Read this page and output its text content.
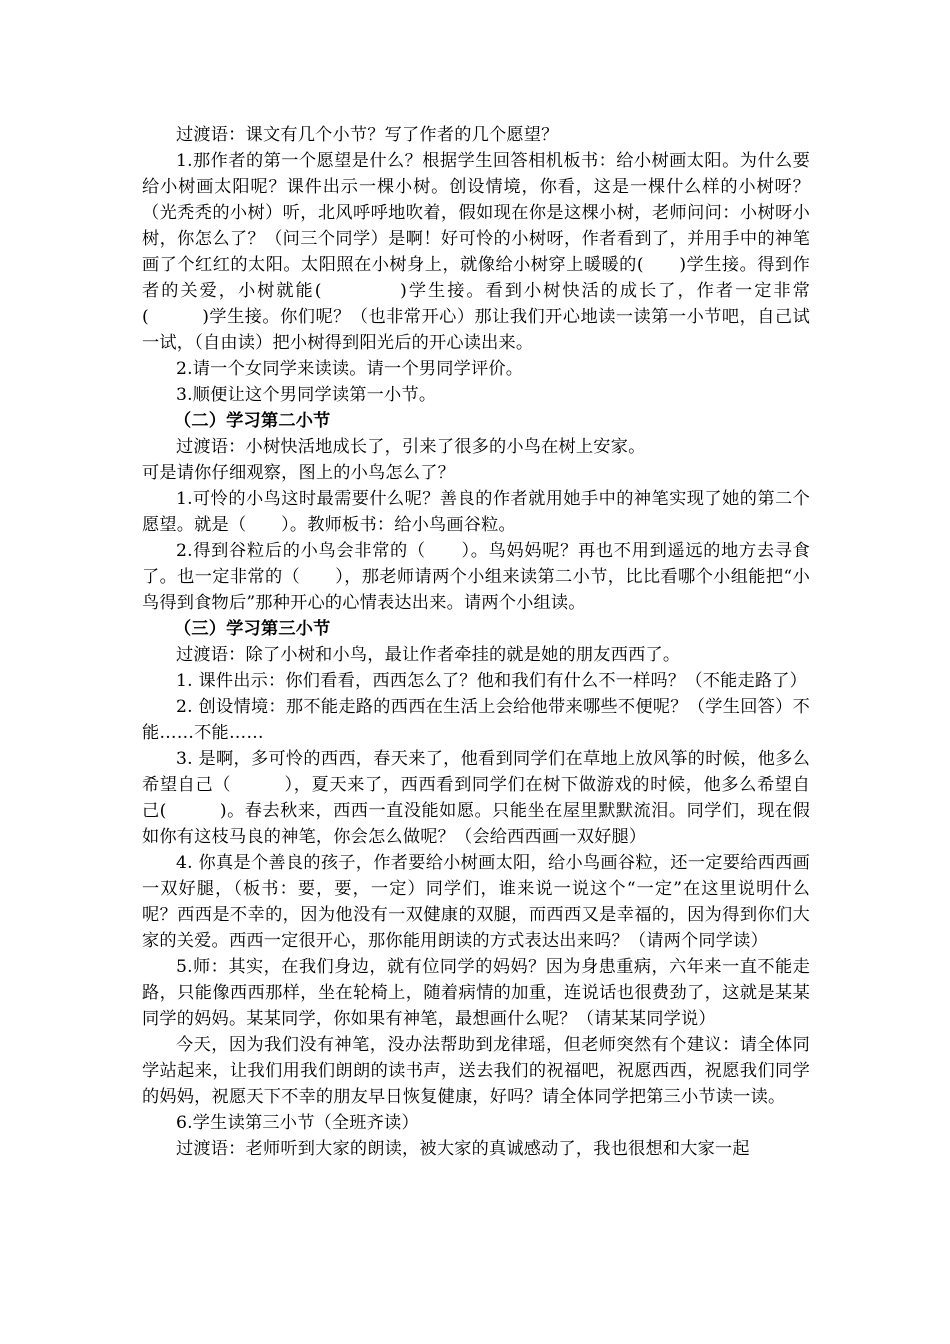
过渡语：课文有几个小节？写了作者的几个愿望？

1.那作者的第一个愿望是什么？根据学生回答相机板书：给小树画太阳。为什么要给小树画太阳呢？课件出示一棵小树。创设情境，你看，这是一棵什么样的小树呀？（光秃秃的小树）听，北风呼呼地吹着，假如现在你是这棵小树，老师问问：小树呀小树，你怎么了？（问三个同学）是啊！好可怜的小树呀，作者看到了，并用手中的神笔画了个红红的太阳。太阳照在小树身上，就像给小树穿上暖暖的(　　)学生接。得到作者的关爱，小树就能(　　　　)学生接。看到小树快活的成长了，作者一定非常(　　　)学生接。你们呢？（也非常开心）那让我们开心地读一读第一小节吧，自己试一试，（自由读）把小树得到阳光后的开心读出来。

2.请一个女同学来读读。请一个男同学评价。

3.顺便让这个男同学读第一小节。

（二）学习第二小节

过渡语：小树快活地成长了，引来了很多的小鸟在树上安家。

可是请你仔细观察，图上的小鸟怎么了？

1.可怜的小鸟这时最需要什么呢？善良的作者就用她手中的神笔实现了她的第二个愿望。就是（　　）。教师板书：给小鸟画谷粒。

2.得到谷粒后的小鸟会非常的（　　）。鸟妈妈呢？再也不用到遥远的地方去寻食了。也一定非常的（　　），那老师请两个小组来读第二小节，比比看哪个小组能把“小鸟得到食物后”那种开心的心情表达出来。请两个小组读。

（三）学习第三小节

过渡语：除了小树和小鸟，最让作者牵挂的就是她的朋友西西了。

1. 课件出示：你们看看，西西怎么了？他和我们有什么不一样吗？（不能走路了）

2. 创设情境：那不能走路的西西在生活上会给他带来哪些不便呢？（学生回答）不能……不能……

3. 是啊，多可怜的西西，春天来了，他看到同学们在草地上放风筝的时候，他多么希望自己（　　　），夏天来了，西西看到同学们在树下做游戏的时候，他多么希望自己(　　　)。春去秋来，西西一直没能如愿。只能坐在屋里默默流泪。同学们，现在假如你有这枝马良的神笔，你会怎么做呢？（会给西西画一双好腿）

4. 你真是个善良的孩子，作者要给小树画太阳，给小鸟画谷粒，还一定要给西西画一双好腿，（板书：要，要，一定）同学们，谁来说一说这个“一定”在这里说明什么呢？西西是不幸的，因为他没有一双健康的双腿，而西西又是幸福的，因为得到你们大家的关爱。西西一定很开心，那你能用朗读的方式表达出来吗？（请两个同学读）

5.师：其实，在我们身边，就有位同学的妈妈？因为身患重病，六年来一直不能走路，只能像西西那样，坐在轮椅上，随着病情的加重，连说话也很费劲了，这就是某某同学的妈妈。某某同学，你如果有神笔，最想画什么呢？（请某某同学说）

今天，因为我们没有神笔，没办法帮助到龙律瑶，但老师突然有个建议：请全体同学站起来，让我们用我们朗朗的读书声，送去我们的祝福吧，祝愿西西，祝愿我们同学的妈妈，祝愿天下不幸的朋友早日恢复健康，好吗？请全体同学把第三小节读一读。

6.学生读第三小节（全班齐读）

过渡语：老师听到大家的朗读，被大家的真诚感动了，我也很想和大家一起
